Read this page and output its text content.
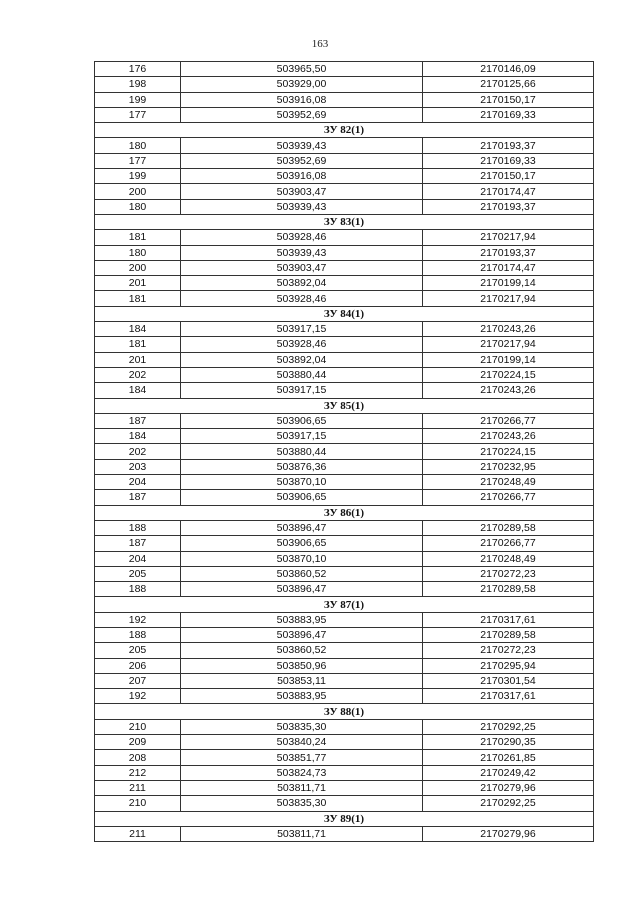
163
176	503965,50	2170146,09
198	503929,00	2170125,66
199	503916,08	2170150,17
177	503952,69	2170169,33
ЗУ 82(1)		
180	503939,43	2170193,37
177	503952,69	2170169,33
199	503916,08	2170150,17
200	503903,47	2170174,47
180	503939,43	2170193,37
ЗУ 83(1)		
181	503928,46	2170217,94
180	503939,43	2170193,37
200	503903,47	2170174,47
201	503892,04	2170199,14
181	503928,46	2170217,94
ЗУ 84(1)		
184	503917,15	2170243,26
181	503928,46	2170217,94
201	503892,04	2170199,14
202	503880,44	2170224,15
184	503917,15	2170243,26
ЗУ 85(1)		
187	503906,65	2170266,77
184	503917,15	2170243,26
202	503880,44	2170224,15
203	503876,36	2170232,95
204	503870,10	2170248,49
187	503906,65	2170266,77
ЗУ 86(1)		
188	503896,47	2170289,58
187	503906,65	2170266,77
204	503870,10	2170248,49
205	503860,52	2170272,23
188	503896,47	2170289,58
ЗУ 87(1)		
192	503883,95	2170317,61
188	503896,47	2170289,58
205	503860,52	2170272,23
206	503850,96	2170295,94
207	503853,11	2170301,54
192	503883,95	2170317,61
ЗУ 88(1)		
210	503835,30	2170292,25
209	503840,24	2170290,35
208	503851,77	2170261,85
212	503824,73	2170249,42
211	503811,71	2170279,96
210	503835,30	2170292,25
ЗУ 89(1)		
211	503811,71	2170279,96
